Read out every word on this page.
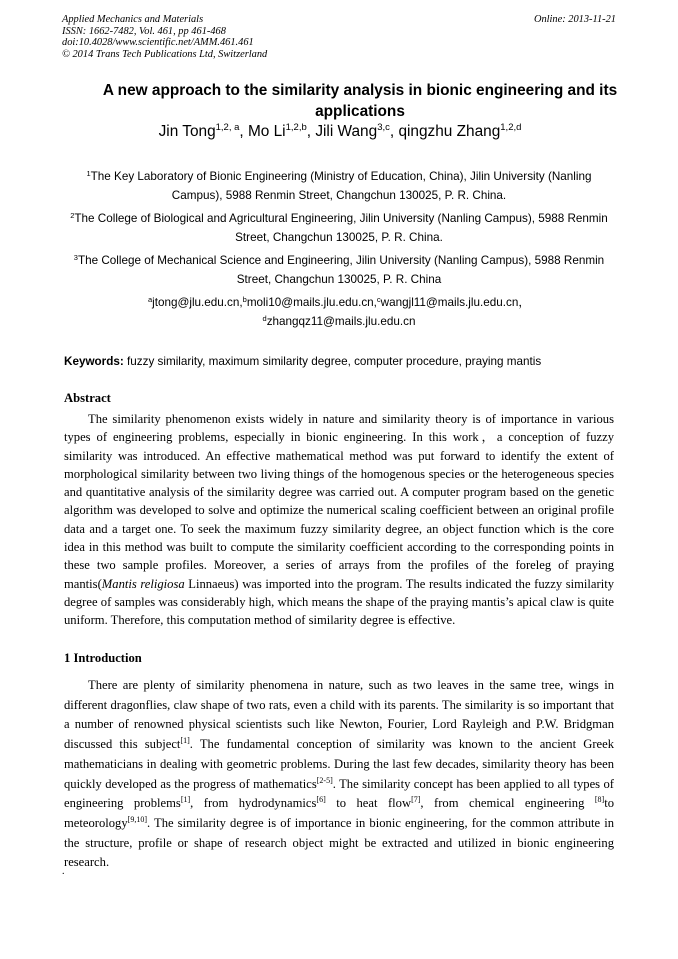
Applied Mechanics and Materials
ISSN: 1662-7482, Vol. 461, pp 461-468
doi:10.4028/www.scientific.net/AMM.461.461
© 2014 Trans Tech Publications Ltd, Switzerland
Online: 2013-11-21
A new approach to the similarity analysis in bionic engineering and its applications
Jin Tong$^{1,2, a}$, Mo Li$^{1,2,b}$, Jili Wang$^{3,c}$, qingzhu Zhang$^{1,2,d}$
$^1$The Key Laboratory of Bionic Engineering (Ministry of Education, China), Jilin University (Nanling Campus), 5988 Renmin Street, Changchun 130025, P. R. China.
$^2$The College of Biological and Agricultural Engineering, Jilin University (Nanling Campus), 5988 Renmin Street, Changchun 130025, P. R. China.
$^3$The College of Mechanical Science and Engineering, Jilin University (Nanling Campus), 5988 Renmin Street, Changchun 130025, P. R. China
$^a$jtong@jlu.edu.cn,$^b$moli10@mails.jlu.edu.cn,$^c$wangjl11@mails.jlu.edu.cn，
$^d$zhangqz11@mails.jlu.edu.cn
Keywords: fuzzy similarity, maximum similarity degree, computer procedure, praying mantis
Abstract
The similarity phenomenon exists widely in nature and similarity theory is of importance in various types of engineering problems, especially in bionic engineering. In this work，a conception of fuzzy similarity was introduced. An effective mathematical method was put forward to identify the extent of morphological similarity between two living things of the homogenous species or the heterogeneous species and quantitative analysis of the similarity degree was carried out. A computer program based on the genetic algorithm was developed to solve and optimize the numerical scaling coefficient between an original profile data and a target one. To seek the maximum fuzzy similarity degree, an object function which is the core idea in this method was built to compute the similarity coefficient according to the corresponding points in these two sample profiles. Moreover, a series of arrays from the profiles of the foreleg of praying mantis(Mantis religiosa Linnaeus) was imported into the program. The results indicated the fuzzy similarity degree of samples was considerably high, which means the shape of the praying mantis’s apical claw is quite uniform. Therefore, this computation method of similarity degree is effective.
1 Introduction
There are plenty of similarity phenomena in nature, such as two leaves in the same tree, wings in different dragonflies, claw shape of two rats, even a child with its parents. The similarity is so important that a number of renowned physical scientists such like Newton, Fourier, Lord Rayleigh and P.W. Bridgman discussed this subject[1]. The fundamental conception of similarity was known to the ancient Greek mathematicians in dealing with geometric problems. During the last few decades, similarity theory has been quickly developed as the progress of mathematics[2-5]. The similarity concept has been applied to all types of engineering problems[1], from hydrodynamics[6] to heat flow[7], from chemical engineering [8]to meteorology[9,10]. The similarity degree is of importance in bionic engineering, for the common attribute in the structure, profile or shape of research object might be extracted and utilized in bionic engineering research.
.
